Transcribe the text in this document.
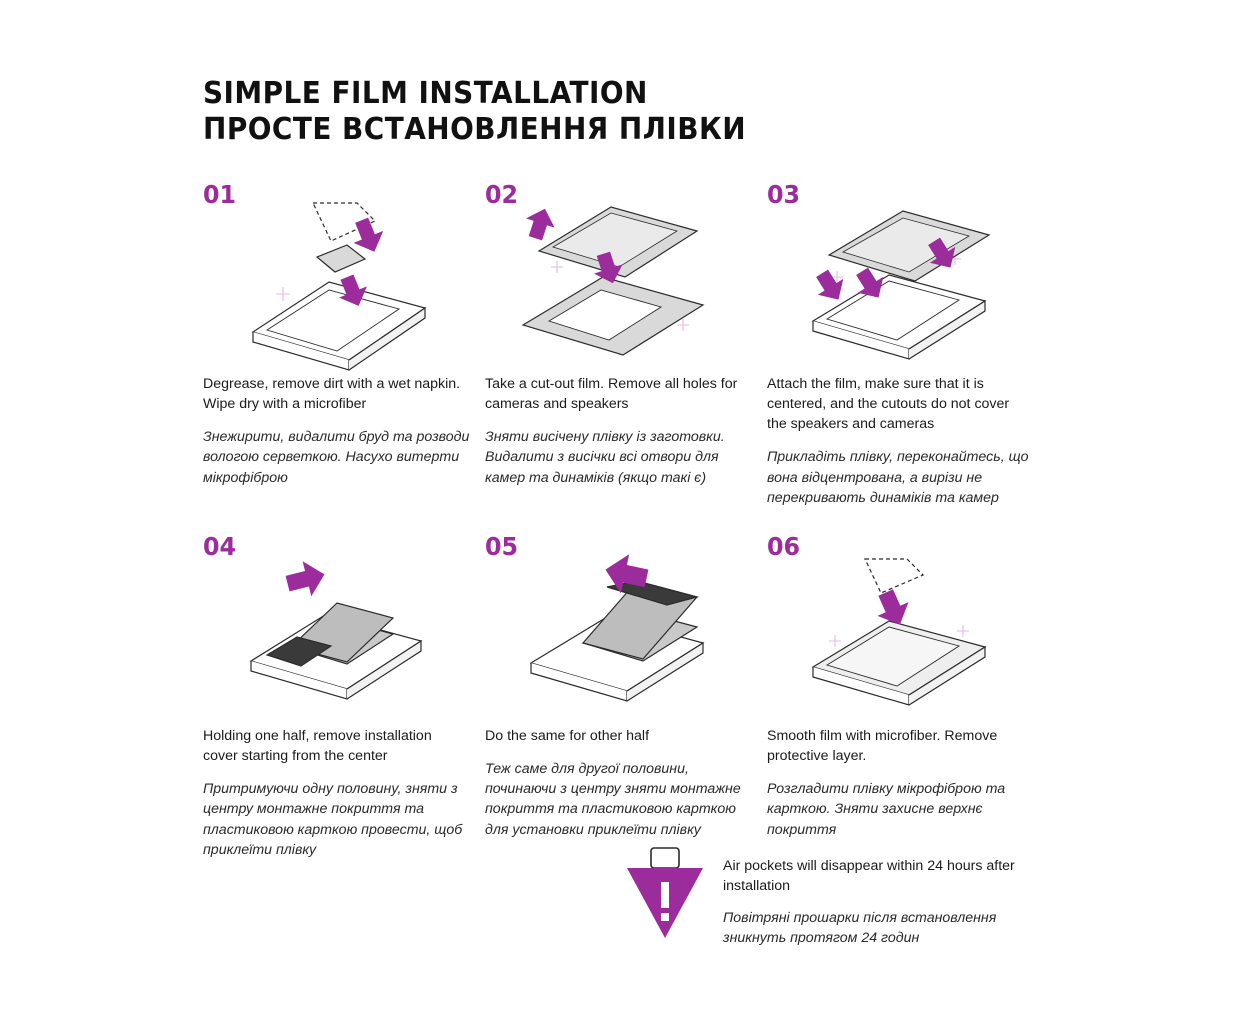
SIMPLE FILM INSTALLATION
ПРОСТЕ ВСТАНОВЛЕННЯ ПЛІВКИ
01
Degrease, remove dirt with a wet napkin. Wipe dry with a microfiber
Знежирити, видалити бруд та розводи вологою серветкою. Насухо витерти мікрофіброю
02
Take a cut-out film. Remove all holes for cameras and speakers
Зняти висічену плівку із заготовки. Видалити з висічки всі отвори для камер та динаміків (якщо такі є)
03
Attach the film, make sure that it is centered, and the cutouts do not cover the speakers and cameras
Прикладіть плівку, переконайтесь, що вона відцентрована, а вирізи не перекривають динаміків та камер
04
Holding one half, remove installation cover starting from the center
Притримуючи одну половину, зняти з центру монтажне покриття та пластиковою карткою провести, щоб приклеїти плівку
05
Do the same for other half
Теж саме для другої половини, починаючи з центру зняти монтажне покриття та пластиковою карткою для установки приклеїти плівку
06
Smooth film with microfiber. Remove protective layer.
Розгладити плівку мікрофіброю та карткою. Зняти захисне верхнє покриття
Air pockets will disappear within 24 hours after installation
Повітряні прошарки після встановлення зникнуть протягом 24 годин
